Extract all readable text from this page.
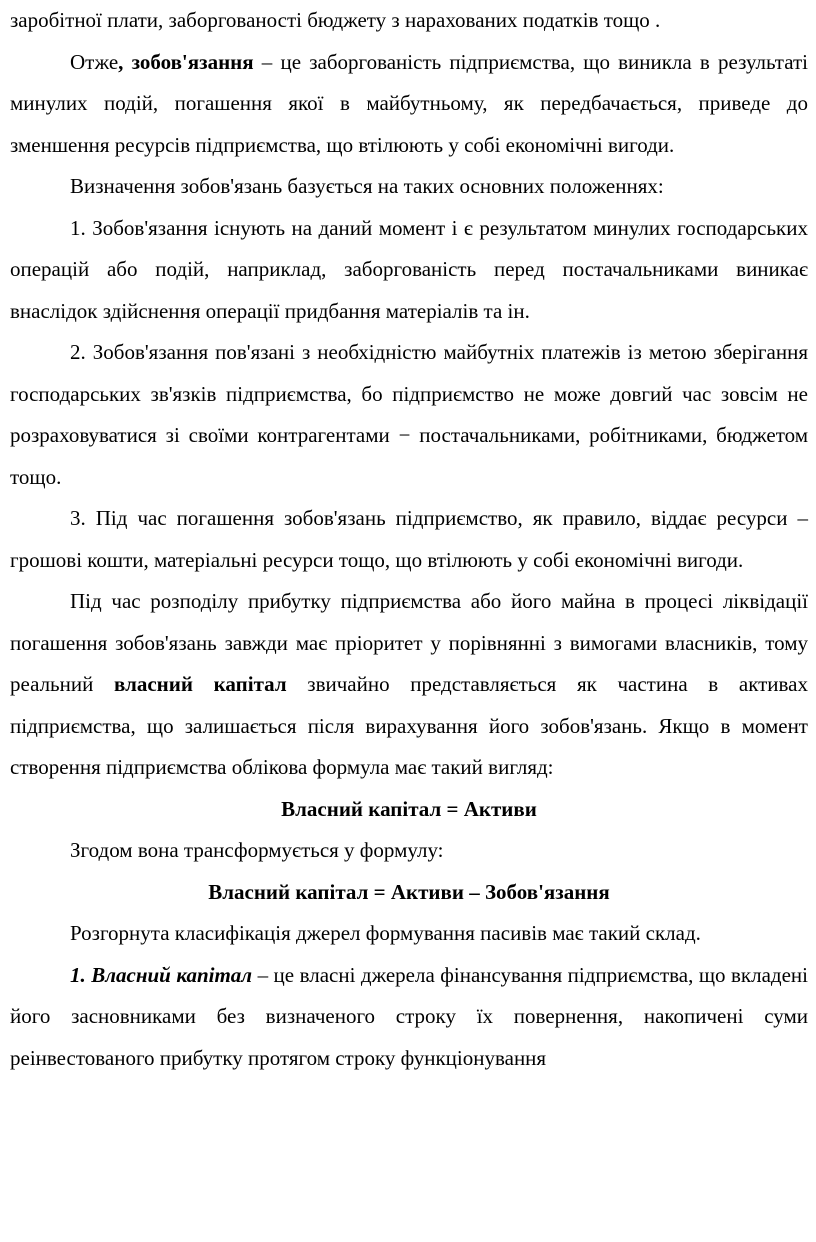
заробітної плати, заборгованості бюджету з нарахованих податків тощо .

Отже, зобов'язання – це заборгованість підприємства, що виникла в результаті минулих подій, погашення якої в майбутньому, як передбачається, приведе до зменшення ресурсів підприємства, що втілюють у собі економічні вигоди.

Визначення зобов'язань базується на таких основних положеннях:

1. Зобов'язання існують на даний момент і є результатом минулих господарських операцій або подій, наприклад, заборгованість перед постачальниками виникає внаслідок здійснення операції придбання матеріалів та ін.

2. Зобов'язання пов'язані з необхідністю майбутніх платежів із метою зберігання господарських зв'язків підприємства, бо підприємство не може довгий час зовсім не розраховуватися зі своїми контрагентами − постачальниками, робітниками, бюджетом тощо.

3. Під час погашення зобов'язань підприємство, як правило, віддає ресурси – грошові кошти, матеріальні ресурси тощо, що втілюють у собі економічні вигоди.

Під час розподілу прибутку підприємства або його майна в процесі ліквідації погашення зобов'язань завжди має пріоритет у порівнянні з вимогами власників, тому реальний власний капітал звичайно представляється як частина в активах підприємства, що залишається після вирахування його зобов'язань. Якщо в момент створення підприємства облікова формула має такий вигляд:

Власний капітал = Активи

Згодом вона трансформується у формулу:

Власний капітал = Активи – Зобов'язання

Розгорнута класифікація джерел формування пасивів має такий склад.

1. Власний капітал – це власні джерела фінансування підприємства, що вкладені його засновниками без визначеного строку їх повернення, накопичені суми реінвестованого прибутку протягом строку функціонування
